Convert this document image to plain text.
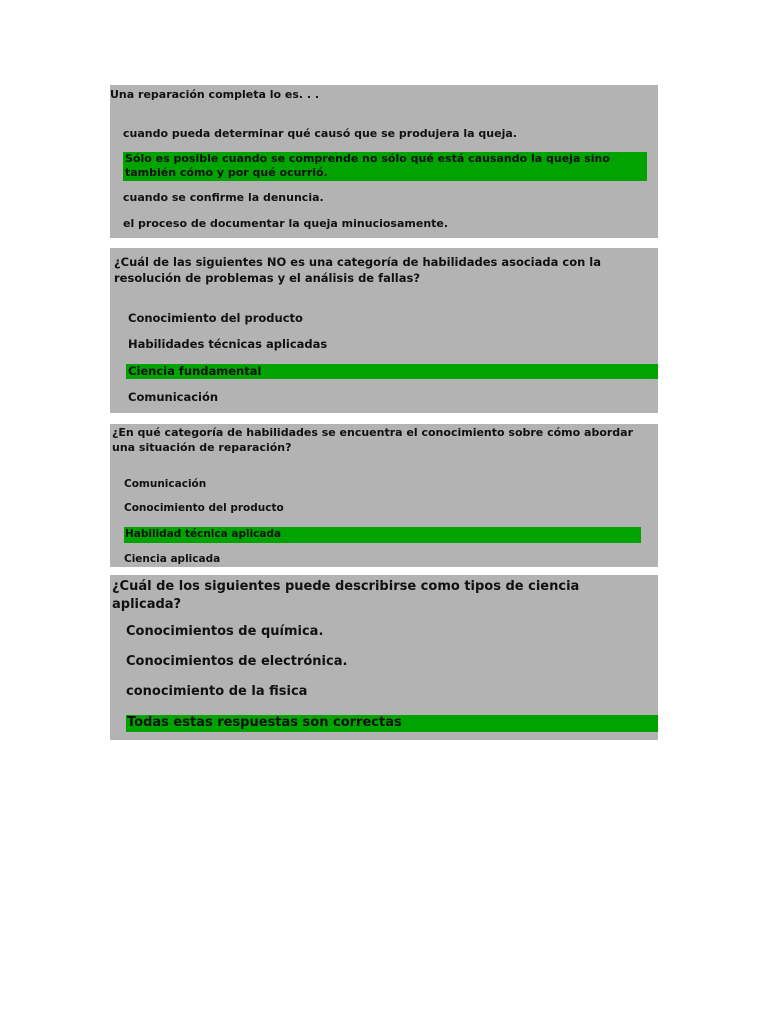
Una reparación completa lo es. . .

cuando pueda determinar qué causó que se produjera la queja.

Sólo es posible cuando se comprende no sólo qué está causando la queja sino también cómo y por qué ocurrió.

cuando se confirme la denuncia.

el proceso de documentar la queja minuciosamente.

¿Cuál de las siguientes NO es una categoría de habilidades asociada con la resolución de problemas y el análisis de fallas?

Conocimiento del producto

Habilidades técnicas aplicadas

Ciencia fundamental

Comunicación

¿En qué categoría de habilidades se encuentra el conocimiento sobre cómo abordar una situación de reparación?

Comunicación

Conocimiento del producto

Habilidad técnica aplicada

Ciencia aplicada

¿Cuál de los siguientes puede describirse como tipos de ciencia aplicada?

Conocimientos de química.

Conocimientos de electrónica.

conocimiento de la fisica

Todas estas respuestas son correctas
